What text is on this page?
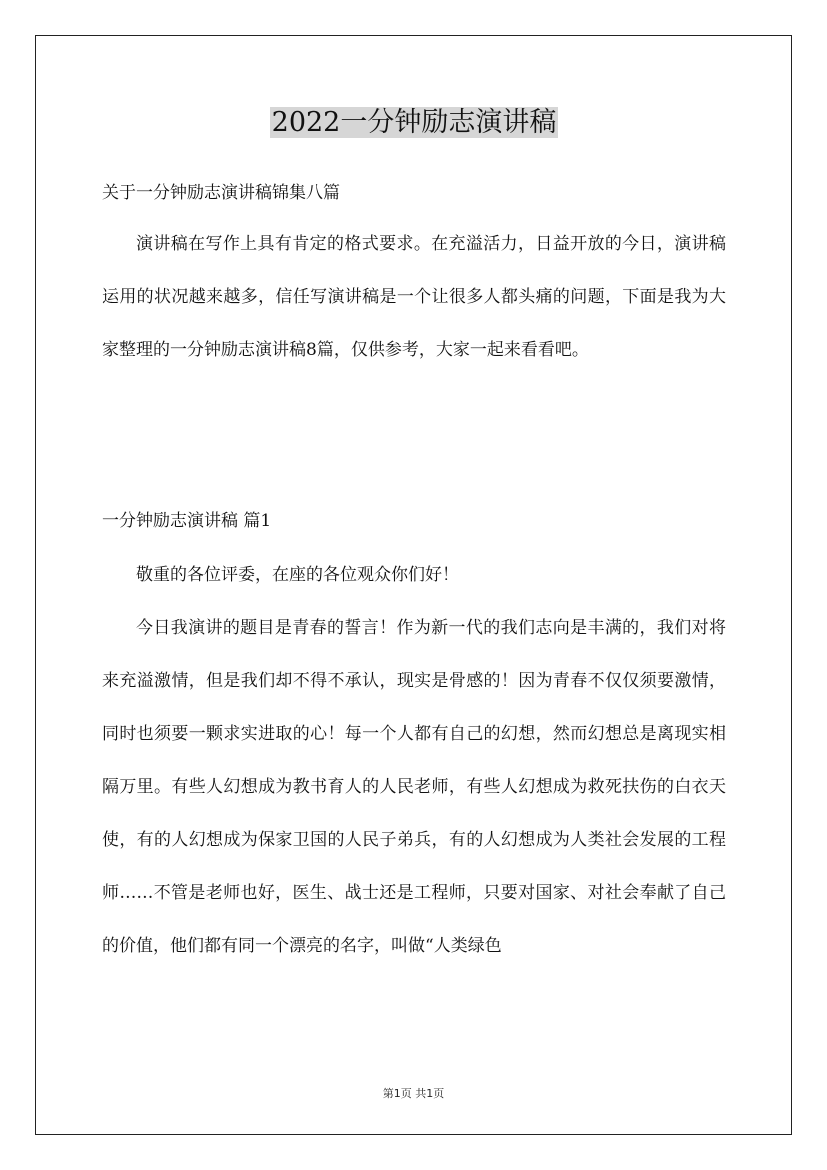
2022一分钟励志演讲稿
关于一分钟励志演讲稿锦集八篇

演讲稿在写作上具有肯定的格式要求。在充溢活力，日益开放的今日，演讲稿运用的状况越来越多，信任写演讲稿是一个让很多人都头痛的问题，下面是我为大家整理的一分钟励志演讲稿8篇，仅供参考，大家一起来看看吧。

一分钟励志演讲稿 篇1

敬重的各位评委，在座的各位观众你们好！

今日我演讲的题目是青春的誓言！作为新一代的我们志向是丰满的，我们对将来充溢激情，但是我们却不得不承认，现实是骨感的！因为青春不仅仅须要激情，同时也须要一颗求实进取的心！每一个人都有自己的幻想，然而幻想总是离现实相隔万里。有些人幻想成为教书育人的人民老师，有些人幻想成为救死扶伤的白衣天使，有的人幻想成为保家卫国的人民子弟兵，有的人幻想成为人类社会发展的工程师……不管是老师也好，医生、战士还是工程师，只要对国家、对社会奉献了自己的价值，他们都有同一个漂亮的名字，叫做“人类绿色

第1页 共1页
